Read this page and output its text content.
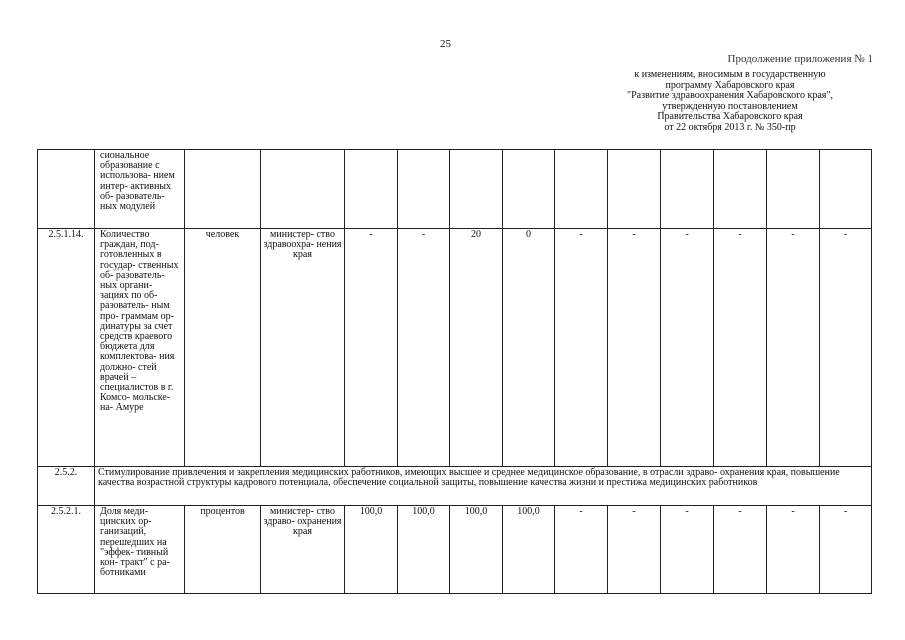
25
Продолжение приложения № 1
к изменениям, вносимым в государственную
программу Хабаровского края
"Развитие здравоохранения Хабаровского края",
утвержденную постановлением
Правительства Хабаровского края
от 22 октября 2013 г. № 350-пр
	сиональное образование с использова- нием интер- активных об- разователь- ных модулей												
2.5.1.14.	Количество граждан, под- готовленных в государ- ственных об- разователь- ных органи- зациях по об- разователь- ным про- граммам ор- динатуры за счет средств краевого бюджета для комплектова- ния должно- стей врачей – специалистов в г. Комсо- мольске-на- Амуре	человек	министер- ство здравоохра- нения края	-	-	20	0	-	-	-	-	-	-
2.5.2.	Стимулирование привлечения и закрепления медицинских работников, имеющих высшее и среднее медицинское образование, в отрасли здраво- охранения края, повышение качества возрастной структуры кадрового потенциала, обеспечение социальной защиты, повышение качества жизни и престижа медицинских работников												
2.5.2.1.	Доля меди- цинских ор- ганизаций, перешедших на "эффек- тивный кон- тракт" с ра- ботниками	процентов	министер- ство здраво- охранения края	100,0	100,0	100,0	100,0	-	-	-	-	-	-
